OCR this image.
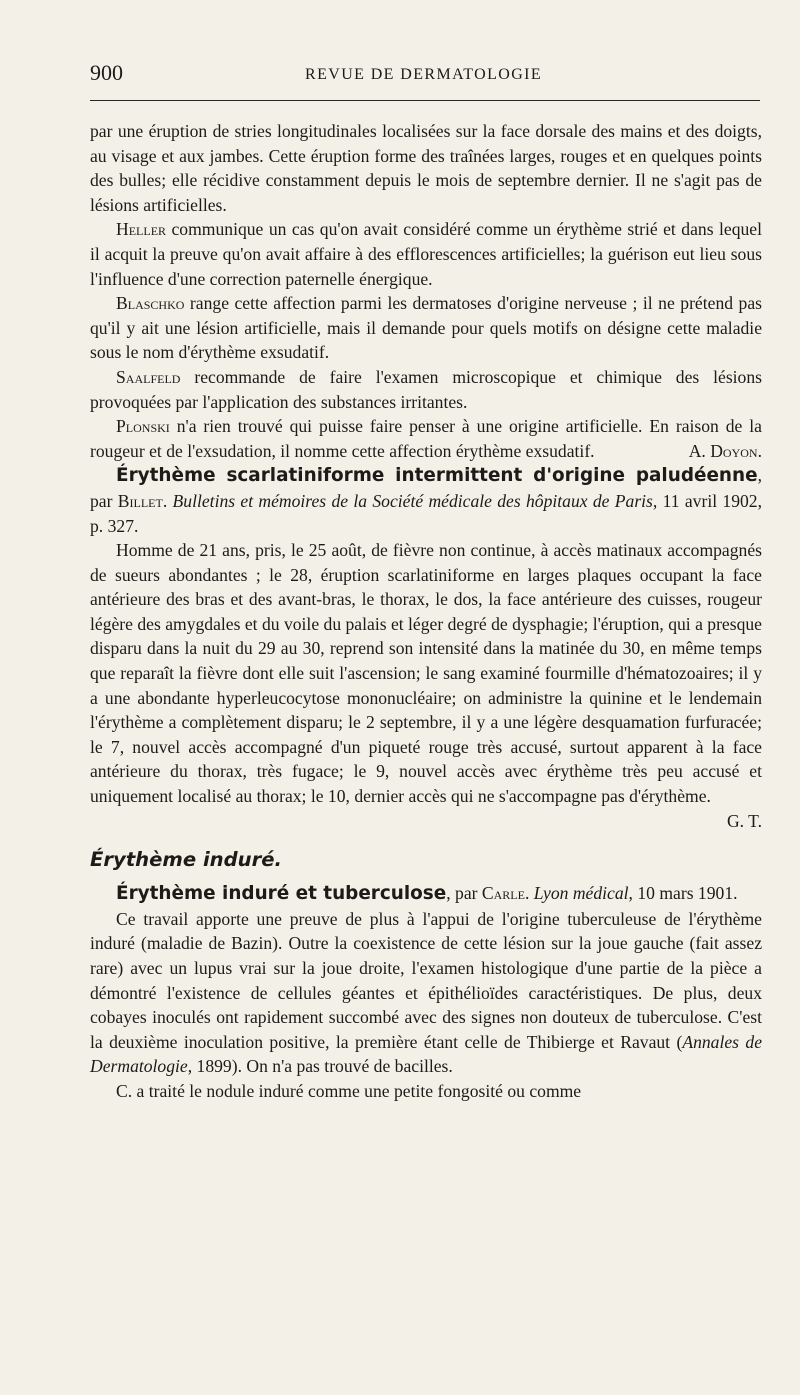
900	REVUE DE DERMATOLOGIE

par une éruption de stries longitudinales localisées sur la face dorsale des mains et des doigts, au visage et aux jambes. Cette éruption forme des traînées larges, rouges et en quelques points des bulles; elle récidive constamment depuis le mois de septembre dernier. Il ne s'agit pas de lésions artificielles.

Heller communique un cas qu'on avait considéré comme un érythème strié et dans lequel il acquit la preuve qu'on avait affaire à des efflorescences artificielles; la guérison eut lieu sous l'influence d'une correction paternelle énergique.

Blaschko range cette affection parmi les dermatoses d'origine nerveuse ; il ne prétend pas qu'il y ait une lésion artificielle, mais il demande pour quels motifs on désigne cette maladie sous le nom d'érythème exsudatif.

Saalfeld recommande de faire l'examen microscopique et chimique des lésions provoquées par l'application des substances irritantes.

Plonski n'a rien trouvé qui puisse faire penser à une origine artificielle. En raison de la rougeur et de l'exsudation, il nomme cette affection érythème exsudatif.	A. Doyon.

Érythème scarlatiniforme intermittent d'origine paludéenne, par Billet. Bulletins et mémoires de la Société médicale des hôpitaux de Paris, 11 avril 1902, p. 327.

Homme de 21 ans, pris, le 25 août, de fièvre non continue, à accès matinaux accompagnés de sueurs abondantes ; le 28, éruption scarlatiniforme en larges plaques occupant la face antérieure des bras et des avant-bras, le thorax, le dos, la face antérieure des cuisses, rougeur légère des amygdales et du voile du palais et léger degré de dysphagie; l'éruption, qui a presque disparu dans la nuit du 29 au 30, reprend son intensité dans la matinée du 30, en même temps que reparaît la fièvre dont elle suit l'ascension; le sang examiné fourmille d'hématozoaires; il y a une abondante hyperleucocytose mononucléaire; on administre la quinine et le lendemain l'érythème a complètement disparu; le 2 septembre, il y a une légère desquamation furfuracée; le 7, nouvel accès accompagné d'un piqueté rouge très accusé, surtout apparent à la face antérieure du thorax, très fugace; le 9, nouvel accès avec érythème très peu accusé et uniquement localisé au thorax; le 10, dernier accès qui ne s'accompagne pas d'érythème.
G. T.

Érythème induré.

Érythème induré et tuberculose, par Carle. Lyon médical, 10 mars 1901.

Ce travail apporte une preuve de plus à l'appui de l'origine tuberculeuse de l'érythème induré (maladie de Bazin). Outre la coexistence de cette lésion sur la joue gauche (fait assez rare) avec un lupus vrai sur la joue droite, l'examen histologique d'une partie de la pièce a démontré l'existence de cellules géantes et épithélioïdes caractéristiques. De plus, deux cobayes inoculés ont rapidement succombé avec des signes non douteux de tuberculose. C'est la deuxième inoculation positive, la première étant celle de Thibierge et Ravaut (Annales de Dermatologie, 1899). On n'a pas trouvé de bacilles.

C. a traité le nodule induré comme une petite fongosité ou comme
